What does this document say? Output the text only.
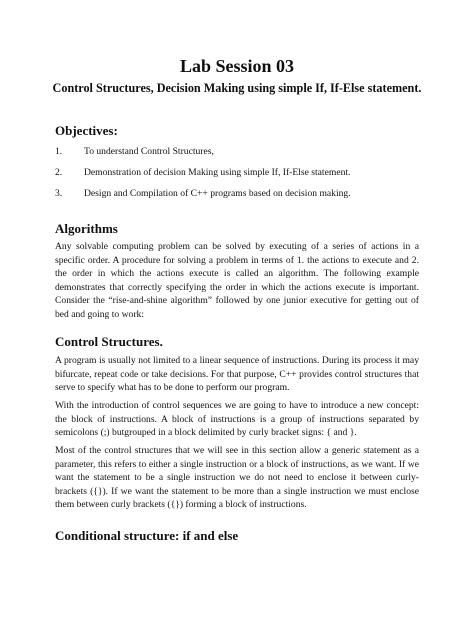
Lab Session 03
Control Structures, Decision Making using simple If, If-Else statement.
Objectives:
1. To understand Control Structures,
2. Demonstration of decision Making using simple If, If-Else statement.
3. Design and Compilation of C++ programs based on decision making.
Algorithms

Any solvable computing problem can be solved by executing of a series of actions in a specific order. A procedure for solving a problem in terms of 1. the actions to execute and 2. the order in which the actions execute is called an algorithm. The following example demonstrates that correctly specifying the order in which the actions execute is important. Consider the “rise-and-shine algorithm” followed by one junior executive for getting out of bed and going to work:

Control Structures.

A program is usually not limited to a linear sequence of instructions. During its process it may bifurcate, repeat code or take decisions. For that purpose, C++ provides control structures that serve to specify what has to be done to perform our program.

With the introduction of control sequences we are going to have to introduce a new concept: the block of instructions. A block of instructions is a group of instructions separated by semicolons (;) butgrouped in a block delimited by curly bracket signs: { and }.

Most of the control structures that we will see in this section allow a generic statement as a parameter, this refers to either a single instruction or a block of instructions, as we want. If we want the statement to be a single instruction we do not need to enclose it between curly-brackets ({}). If we want the statement to be more than a single instruction we must enclose them between curly brackets ({}) forming a block of instructions.

Conditional structure: if and else
